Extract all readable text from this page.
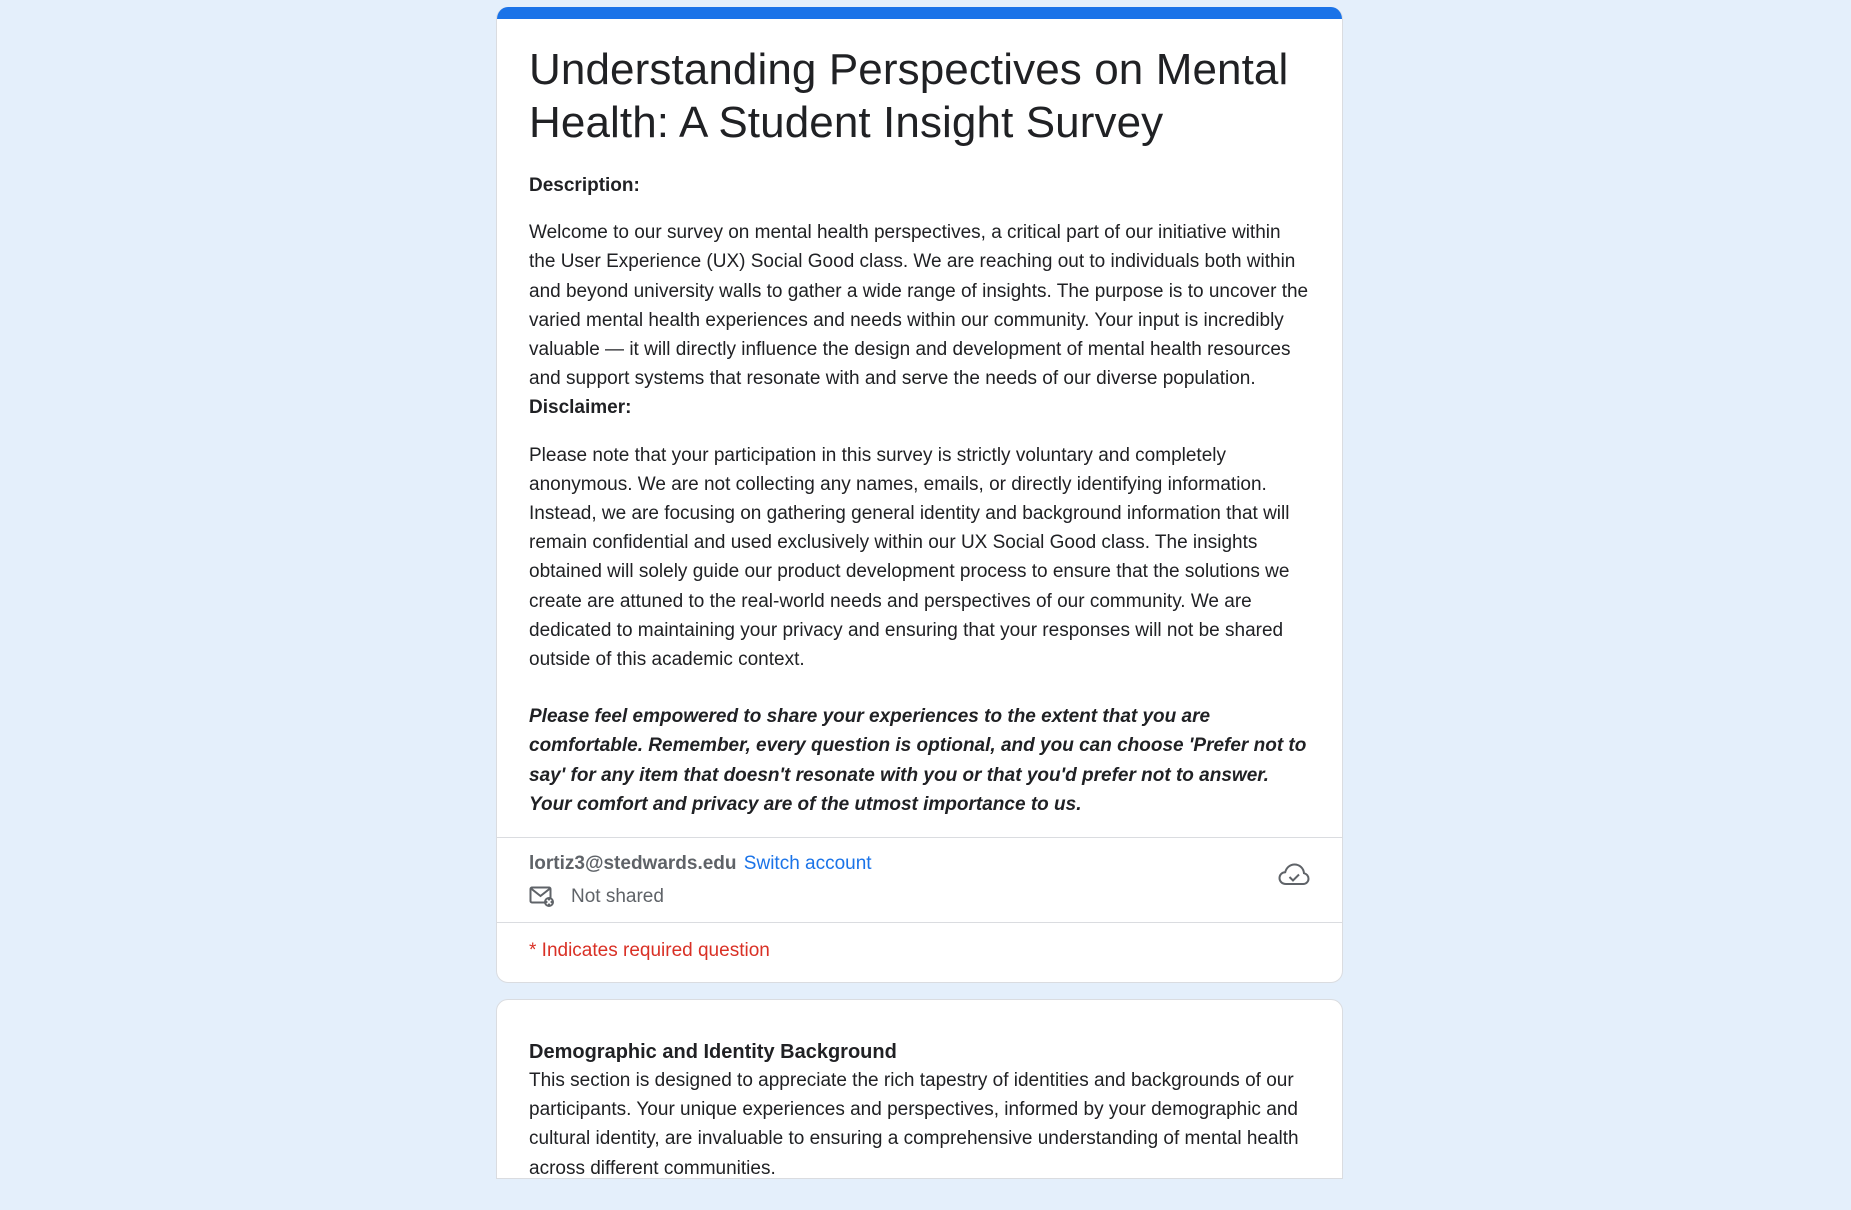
Understanding Perspectives on Mental Health: A Student Insight Survey
Description:

Welcome to our survey on mental health perspectives, a critical part of our initiative within the User Experience (UX) Social Good class. We are reaching out to individuals both within and beyond university walls to gather a wide range of insights. The purpose is to uncover the varied mental health experiences and needs within our community. Your input is incredibly valuable — it will directly influence the design and development of mental health resources and support systems that resonate with and serve the needs of our diverse population.

Disclaimer:

Please note that your participation in this survey is strictly voluntary and completely anonymous. We are not collecting any names, emails, or directly identifying information. Instead, we are focusing on gathering general identity and background information that will remain confidential and used exclusively within our UX Social Good class. The insights obtained will solely guide our product development process to ensure that the solutions we create are attuned to the real-world needs and perspectives of our community. We are dedicated to maintaining your privacy and ensuring that your responses will not be shared outside of this academic context.

Please feel empowered to share your experiences to the extent that you are comfortable. Remember, every question is optional, and you can choose 'Prefer not to say' for any item that doesn't resonate with you or that you'd prefer not to answer. Your comfort and privacy are of the utmost importance to us.

lortiz3@stedwards.edu Switch account
Not shared
* Indicates required question
Demographic and Identity Background
This section is designed to appreciate the rich tapestry of identities and backgrounds of our participants. Your unique experiences and perspectives, informed by your demographic and cultural identity, are invaluable to ensuring a comprehensive understanding of mental health across different communities.
